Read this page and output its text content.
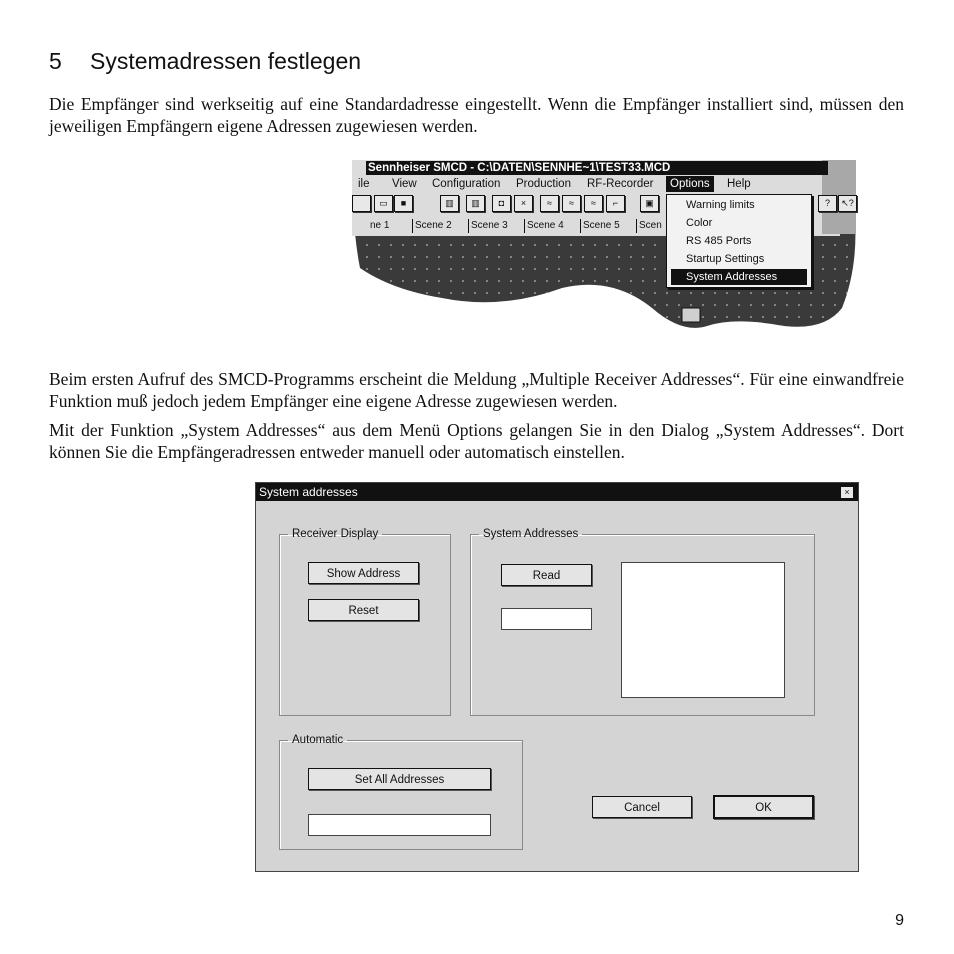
5 Systemadressen festlegen

Die Empfänger sind werkseitig auf eine Standardadresse eingestellt. Wenn die Empfänger installiert sind, müssen den jeweiligen Empfängern eigene Adressen zugewiesen werden.

Sennheiser SMCD - C:\DATEN\SENNHE~1\TEST33.MCD
ile View Configuration Production RF-Recorder	Options	Help
▭	■	▥	▥	◘	×	≈	≈	≈	⌐	▣	?	↖?
ne 1	Scene 2	Scene 3	Scene 4	Scene 5	Scen
Warning limits
Color
RS 485 Ports
Startup Settings
System Addresses

Beim ersten Aufruf des SMCD-Programms erscheint die Meldung „Multiple Receiver Addresses“. Für eine einwandfreie Funktion muß jedoch jedem Empfänger eine eigene Adresse zugewiesen werden.

Mit der Funktion „System Addresses“ aus dem Menü Options gelangen Sie in den Dialog „System Addresses“. Dort können Sie die Empfängeradressen entweder manuell oder automatisch einstellen.

System addresses	×
Receiver Display
Show Address
Reset
System Addresses
Read
Automatic
Set All Addresses
Cancel	OK
9
